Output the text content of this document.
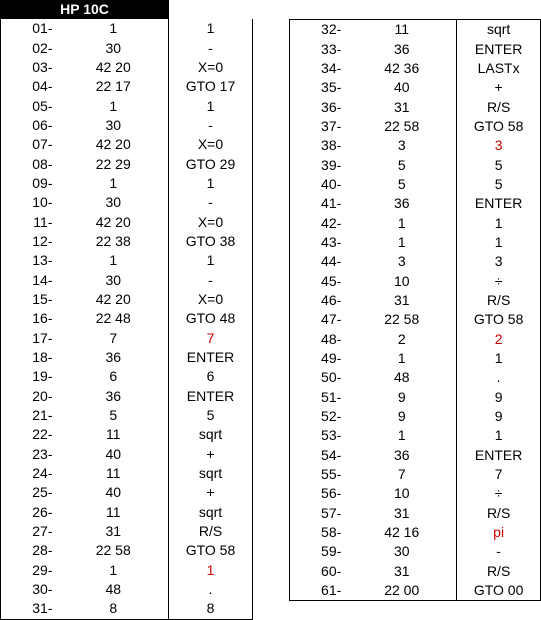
HP 10C
01-	1	1
02-	30	-
03-	42 20	X=0
04-	22 17	GTO 17
05-	1	1
06-	30	-
07-	42 20	X=0
08-	22 29	GTO 29
09-	1	1
10-	30	-
11-	42 20	X=0
12-	22 38	GTO 38
13-	1	1
14-	30	-
15-	42 20	X=0
16-	22 48	GTO 48
17-	7	7
18-	36	ENTER
19-	6	6
20-	36	ENTER
21-	5	5
22-	11	sqrt
23-	40	+
24-	11	sqrt
25-	40	+
26-	11	sqrt
27-	31	R/S
28-	22 58	GTO 58
29-	1	1
30-	48	.
31-	8	8
32-	11	sqrt
33-	36	ENTER
34-	42 36	LASTx
35-	40	+
36-	31	R/S
37-	22 58	GTO 58
38-	3	3
39-	5	5
40-	5	5
41-	36	ENTER
42-	1	1
43-	1	1
44-	3	3
45-	10	÷
46-	31	R/S
47-	22 58	GTO 58
48-	2	2
49-	1	1
50-	48	.
51-	9	9
52-	9	9
53-	1	1
54-	36	ENTER
55-	7	7
56-	10	÷
57-	31	R/S
58-	42 16	pi
59-	30	-
60-	31	R/S
61-	22 00	GTO 00
